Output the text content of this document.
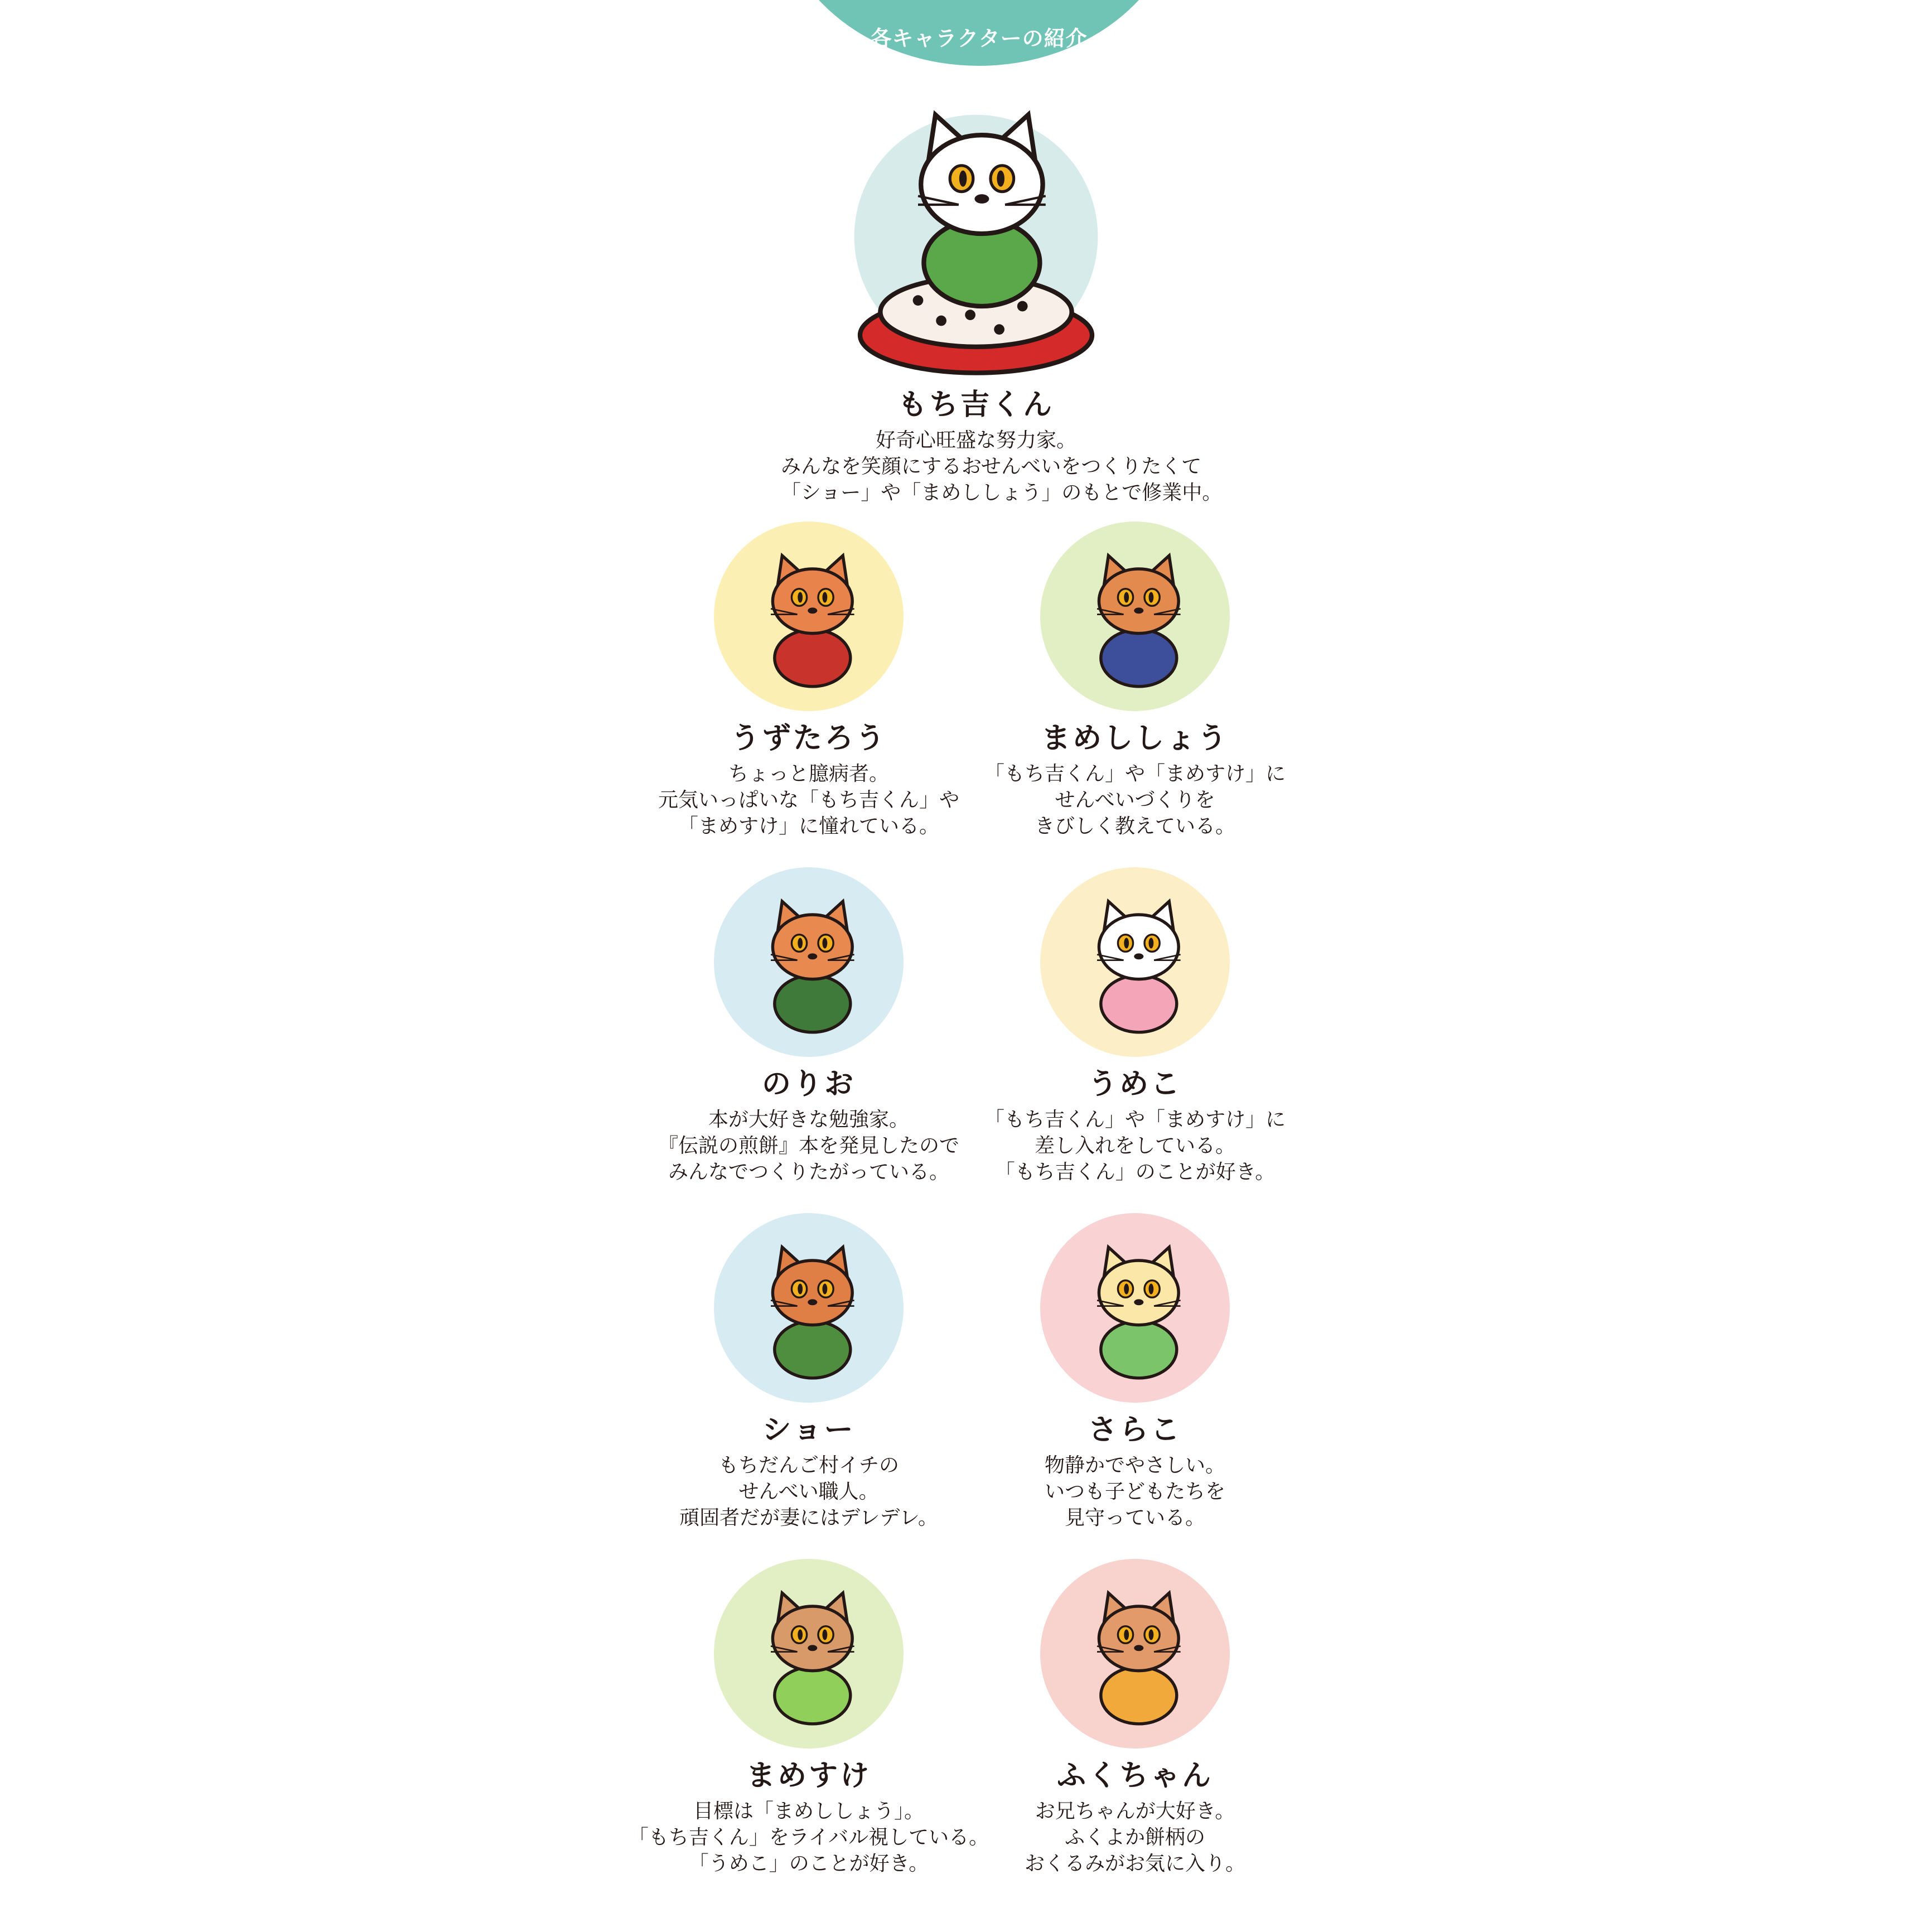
各キャラクターの紹介
もち吉くん
好奇心旺盛な努力家。
みんなを笑顔にするおせんべいをつくりたくて
「ショー」や「まめししょう」のもとで修業中。
うずたろう
ちょっと臆病者。
元気いっぱいな「もち吉くん」や
「まめすけ」に憧れている。
まめししょう
「もち吉くん」や「まめすけ」に
せんべいづくりを
きびしく教えている。
のりお
本が大好きな勉強家。
『伝説の煎餅』本を発見したので
みんなでつくりたがっている。
うめこ
「もち吉くん」や「まめすけ」に
差し入れをしている。
「もち吉くん」のことが好き。
ショー
もちだんご村イチの
せんべい職人。
頑固者だが妻にはデレデレ。
さらこ
物静かでやさしい。
いつも子どもたちを
見守っている。
まめすけ
目標は「まめししょう」。
「もち吉くん」をライバル視している。
「うめこ」のことが好き。
ふくちゃん
お兄ちゃんが大好き。
ふくよか餅柄の
おくるみがお気に入り。
